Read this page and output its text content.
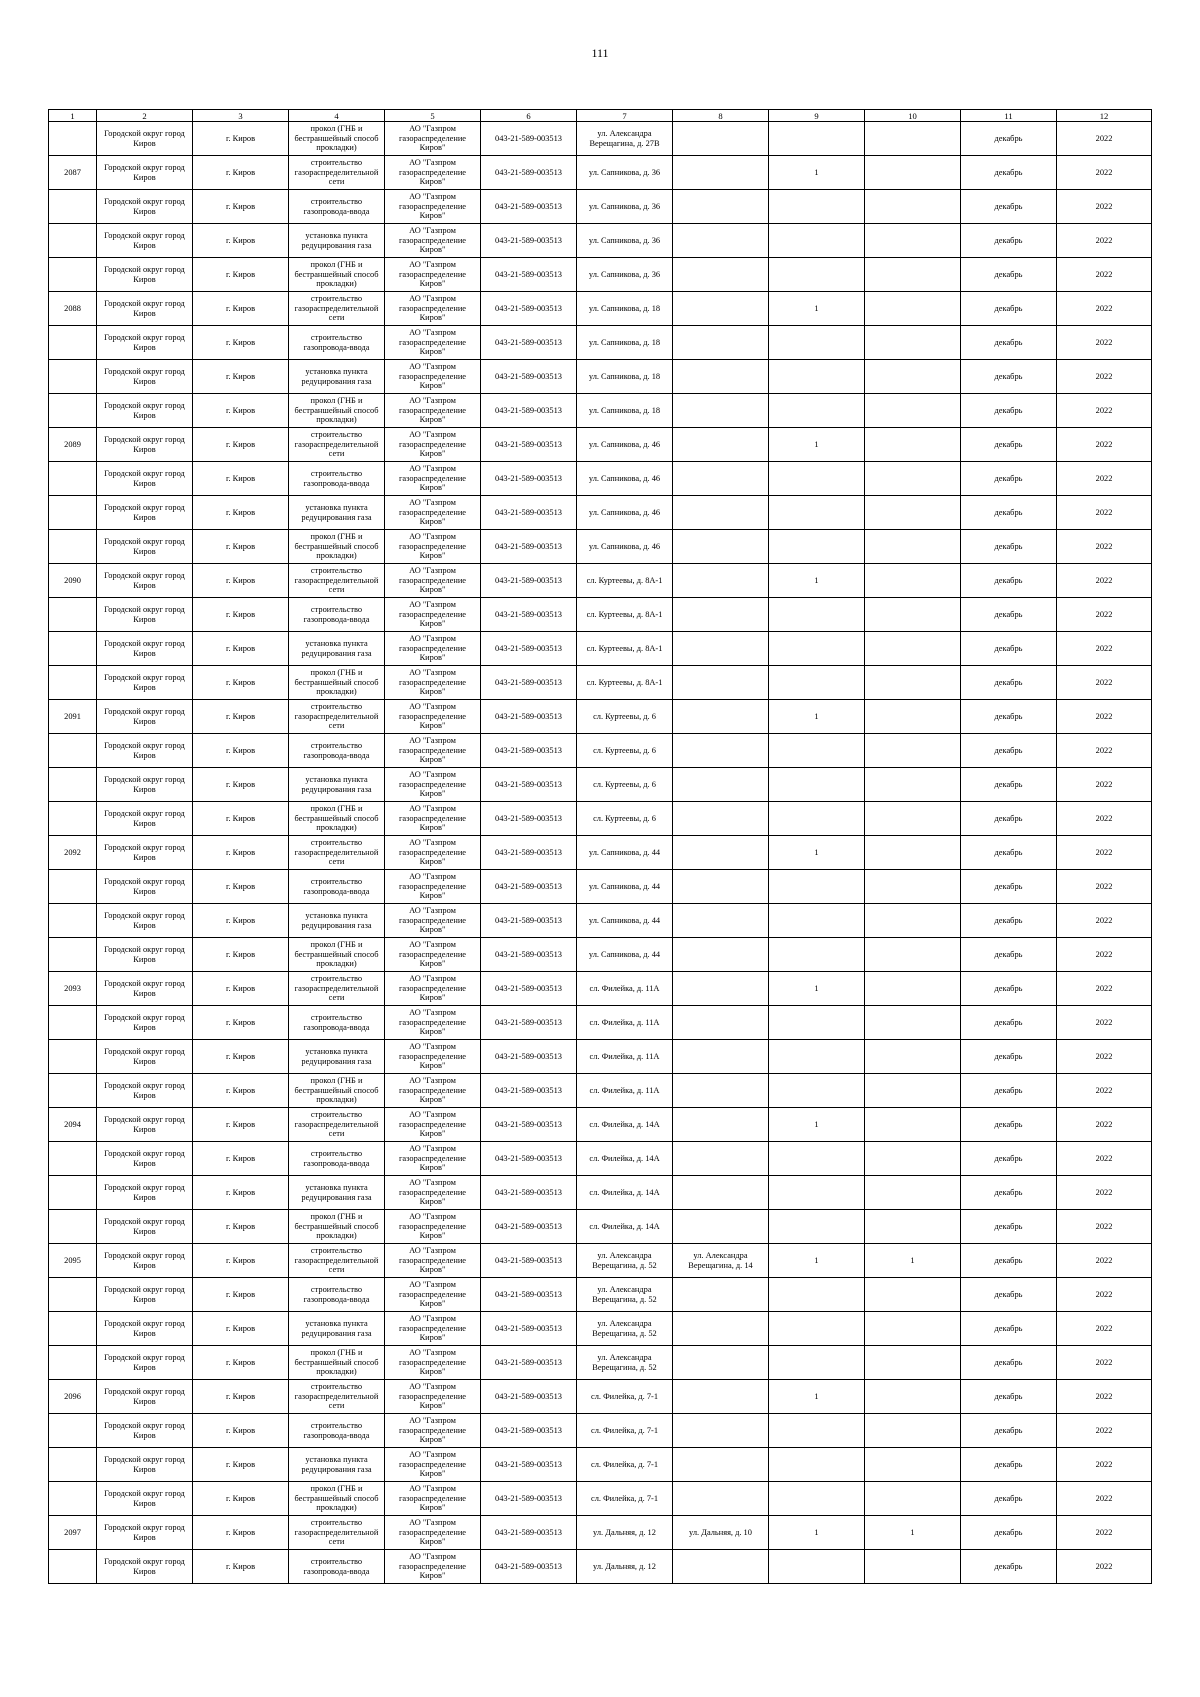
111
1	2	3	4	5	6	7	8	9	10	11	12

	Городской округ город Киров	г. Киров	прокол (ГНБ и бестраншейный способ прокладки)	АО "Газпром газораспределение Киров"	043-21-589-003513	ул. Александра Верещагина, д. 27В				декабрь	2022

2087	Городской округ город Киров	г. Киров	строительство газораспределительной сети	АО "Газпром газораспределение Киров"	043-21-589-003513	ул. Сапникова, д. 36		1		декабрь	2022

	Городской округ город Киров	г. Киров	строительство газопровода-ввода	АО "Газпром газораспределение Киров"	043-21-589-003513	ул. Сапникова, д. 36				декабрь	2022

	Городской округ город Киров	г. Киров	установка пункта редуцирования газа	АО "Газпром газораспределение Киров"	043-21-589-003513	ул. Сапникова, д. 36				декабрь	2022

	Городской округ город Киров	г. Киров	прокол (ГНБ и бестраншейный способ прокладки)	АО "Газпром газораспределение Киров"	043-21-589-003513	ул. Сапникова, д. 36				декабрь	2022

2088	Городской округ город Киров	г. Киров	строительство газораспределительной сети	АО "Газпром газораспределение Киров"	043-21-589-003513	ул. Сапникова, д. 18		1		декабрь	2022

	Городской округ город Киров	г. Киров	строительство газопровода-ввода	АО "Газпром газораспределение Киров"	043-21-589-003513	ул. Сапникова, д. 18				декабрь	2022

	Городской округ город Киров	г. Киров	установка пункта редуцирования газа	АО "Газпром газораспределение Киров"	043-21-589-003513	ул. Сапникова, д. 18				декабрь	2022

	Городской округ город Киров	г. Киров	прокол (ГНБ и бестраншейный способ прокладки)	АО "Газпром газораспределение Киров"	043-21-589-003513	ул. Сапникова, д. 18				декабрь	2022

2089	Городской округ город Киров	г. Киров	строительство газораспределительной сети	АО "Газпром газораспределение Киров"	043-21-589-003513	ул. Сапникова, д. 46		1		декабрь	2022

	Городской округ город Киров	г. Киров	строительство газопровода-ввода	АО "Газпром газораспределение Киров"	043-21-589-003513	ул. Сапникова, д. 46				декабрь	2022

	Городской округ город Киров	г. Киров	установка пункта редуцирования газа	АО "Газпром газораспределение Киров"	043-21-589-003513	ул. Сапникова, д. 46				декабрь	2022

	Городской округ город Киров	г. Киров	прокол (ГНБ и бестраншейный способ прокладки)	АО "Газпром газораспределение Киров"	043-21-589-003513	ул. Сапникова, д. 46				декабрь	2022

2090	Городской округ город Киров	г. Киров	строительство газораспределительной сети	АО "Газпром газораспределение Киров"	043-21-589-003513	сл. Куртеевы, д. 8А-1		1		декабрь	2022

	Городской округ город Киров	г. Киров	строительство газопровода-ввода	АО "Газпром газораспределение Киров"	043-21-589-003513	сл. Куртеевы, д. 8А-1				декабрь	2022

	Городской округ город Киров	г. Киров	установка пункта редуцирования газа	АО "Газпром газораспределение Киров"	043-21-589-003513	сл. Куртеевы, д. 8А-1				декабрь	2022

	Городской округ город Киров	г. Киров	прокол (ГНБ и бестраншейный способ прокладки)	АО "Газпром газораспределение Киров"	043-21-589-003513	сл. Куртеевы, д. 8А-1				декабрь	2022

2091	Городской округ город Киров	г. Киров	строительство газораспределительной сети	АО "Газпром газораспределение Киров"	043-21-589-003513	сл. Куртеевы, д. 6		1		декабрь	2022

	Городской округ город Киров	г. Киров	строительство газопровода-ввода	АО "Газпром газораспределение Киров"	043-21-589-003513	сл. Куртеевы, д. 6				декабрь	2022

	Городской округ город Киров	г. Киров	установка пункта редуцирования газа	АО "Газпром газораспределение Киров"	043-21-589-003513	сл. Куртеевы, д. 6				декабрь	2022

	Городской округ город Киров	г. Киров	прокол (ГНБ и бестраншейный способ прокладки)	АО "Газпром газораспределение Киров"	043-21-589-003513	сл. Куртеевы, д. 6				декабрь	2022

2092	Городской округ город Киров	г. Киров	строительство газораспределительной сети	АО "Газпром газораспределение Киров"	043-21-589-003513	ул. Сапникова, д. 44		1		декабрь	2022

	Городской округ город Киров	г. Киров	строительство газопровода-ввода	АО "Газпром газораспределение Киров"	043-21-589-003513	ул. Сапникова, д. 44				декабрь	2022

	Городской округ город Киров	г. Киров	установка пункта редуцирования газа	АО "Газпром газораспределение Киров"	043-21-589-003513	ул. Сапникова, д. 44				декабрь	2022

	Городской округ город Киров	г. Киров	прокол (ГНБ и бестраншейный способ прокладки)	АО "Газпром газораспределение Киров"	043-21-589-003513	ул. Сапникова, д. 44				декабрь	2022

2093	Городской округ город Киров	г. Киров	строительство газораспределительной сети	АО "Газпром газораспределение Киров"	043-21-589-003513	сл. Филейка, д. 11А		1		декабрь	2022

	Городской округ город Киров	г. Киров	строительство газопровода-ввода	АО "Газпром газораспределение Киров"	043-21-589-003513	сл. Филейка, д. 11А				декабрь	2022

	Городской округ город Киров	г. Киров	установка пункта редуцирования газа	АО "Газпром газораспределение Киров"	043-21-589-003513	сл. Филейка, д. 11А				декабрь	2022

	Городской округ город Киров	г. Киров	прокол (ГНБ и бестраншейный способ прокладки)	АО "Газпром газораспределение Киров"	043-21-589-003513	сл. Филейка, д. 11А				декабрь	2022

2094	Городской округ город Киров	г. Киров	строительство газораспределительной сети	АО "Газпром газораспределение Киров"	043-21-589-003513	сл. Филейка, д. 14А		1		декабрь	2022

	Городской округ город Киров	г. Киров	строительство газопровода-ввода	АО "Газпром газораспределение Киров"	043-21-589-003513	сл. Филейка, д. 14А				декабрь	2022

	Городской округ город Киров	г. Киров	установка пункта редуцирования газа	АО "Газпром газораспределение Киров"	043-21-589-003513	сл. Филейка, д. 14А				декабрь	2022

	Городской округ город Киров	г. Киров	прокол (ГНБ и бестраншейный способ прокладки)	АО "Газпром газораспределение Киров"	043-21-589-003513	сл. Филейка, д. 14А				декабрь	2022

2095	Городской округ город Киров	г. Киров	строительство газораспределительной сети	АО "Газпром газораспределение Киров"	043-21-589-003513	ул. Александра Верещагина, д. 52	ул. Александра Верещагина, д. 14	1	1	декабрь	2022

	Городской округ город Киров	г. Киров	строительство газопровода-ввода	АО "Газпром газораспределение Киров"	043-21-589-003513	ул. Александра Верещагина, д. 52				декабрь	2022

	Городской округ город Киров	г. Киров	установка пункта редуцирования газа	АО "Газпром газораспределение Киров"	043-21-589-003513	ул. Александра Верещагина, д. 52				декабрь	2022

	Городской округ город Киров	г. Киров	прокол (ГНБ и бестраншейный способ прокладки)	АО "Газпром газораспределение Киров"	043-21-589-003513	ул. Александра Верещагина, д. 52				декабрь	2022

2096	Городской округ город Киров	г. Киров	строительство газораспределительной сети	АО "Газпром газораспределение Киров"	043-21-589-003513	сл. Филейка, д. 7-1		1		декабрь	2022

	Городской округ город Киров	г. Киров	строительство газопровода-ввода	АО "Газпром газораспределение Киров"	043-21-589-003513	сл. Филейка, д. 7-1				декабрь	2022

	Городской округ город Киров	г. Киров	установка пункта редуцирования газа	АО "Газпром газораспределение Киров"	043-21-589-003513	сл. Филейка, д. 7-1				декабрь	2022

	Городской округ город Киров	г. Киров	прокол (ГНБ и бестраншейный способ прокладки)	АО "Газпром газораспределение Киров"	043-21-589-003513	сл. Филейка, д. 7-1				декабрь	2022

2097	Городской округ город Киров	г. Киров	строительство газораспределительной сети	АО "Газпром газораспределение Киров"	043-21-589-003513	ул. Дальняя, д. 12	ул. Дальняя, д. 10	1	1	декабрь	2022

	Городской округ город Киров	г. Киров	строительство газопровода-ввода	АО "Газпром газораспределение Киров"	043-21-589-003513	ул. Дальняя, д. 12				декабрь	2022
